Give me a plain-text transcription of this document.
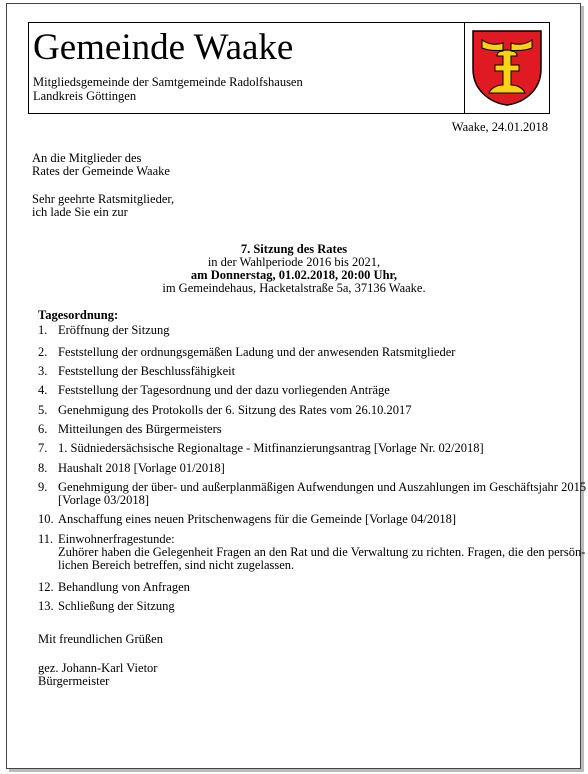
Gemeinde Waake
Mitgliedsgemeinde der Samtgemeinde Radolfshausen
Landkreis Göttingen
Waake, 24.01.2018
An die Mitglieder des
Rates der Gemeinde Waake
Sehr geehrte Ratsmitglieder,
ich lade Sie ein zur
7. Sitzung des Rates
in der Wahlperiode 2016 bis 2021,
am Donnerstag, 01.02.2018, 20:00 Uhr,
im Gemeindehaus, Hacketalstraße 5a, 37136 Waake.
Tagesordnung:
1. Eröffnung der Sitzung
2. Feststellung der ordnungsgemäßen Ladung und der anwesenden Ratsmitglieder
3. Feststellung der Beschlussfähigkeit
4. Feststellung der Tagesordnung und der dazu vorliegenden Anträge
5. Genehmigung des Protokolls der 6. Sitzung des Rates vom 26.10.2017
6. Mitteilungen des Bürgermeisters
7. 1. Südniedersächsische Regionaltage - Mitfinanzierungsantrag [Vorlage Nr. 02/2018]
8. Haushalt 2018 [Vorlage 01/2018]
9. Genehmigung der über- und außerplanmäßigen Aufwendungen und Auszahlungen im Geschäftsjahr 2015
[Vorlage 03/2018]
10. Anschaffung eines neuen Pritschenwagens für die Gemeinde [Vorlage 04/2018]
11. Einwohnerfragestunde:
Zuhörer haben die Gelegenheit Fragen an den Rat und die Verwaltung zu richten. Fragen, die den persön-
lichen Bereich betreffen, sind nicht zugelassen.
12. Behandlung von Anfragen
13. Schließung der Sitzung
Mit freundlichen Grüßen
gez. Johann-Karl Vietor
Bürgermeister
